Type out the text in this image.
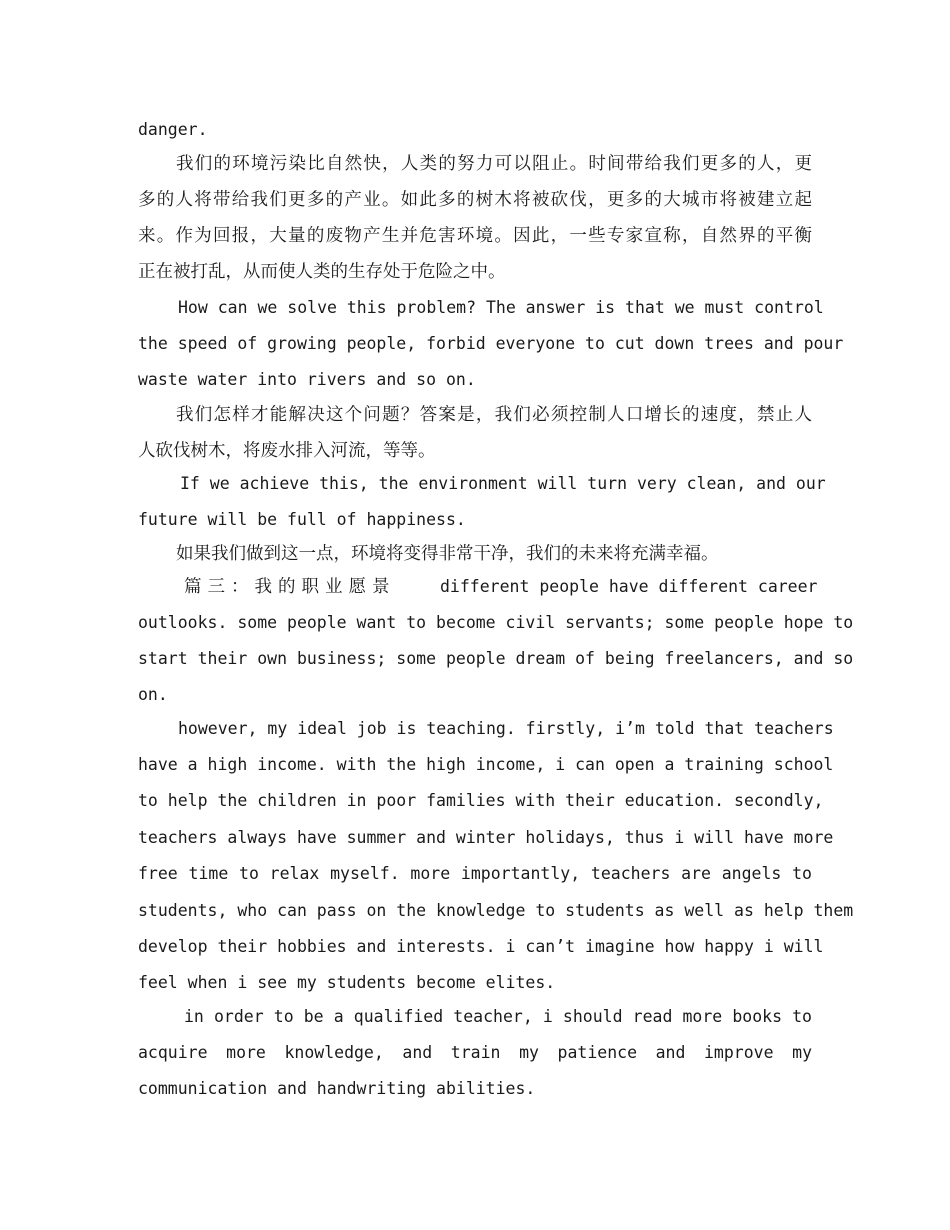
danger.
我们的环境污染比自然快，人类的努力可以阻止。时间带给我们更多的人，更
多的人将带给我们更多的产业。如此多的树木将被砍伐，更多的大城市将被建立起
来。作为回报，大量的废物产生并危害环境。因此，一些专家宣称，自然界的平衡
正在被打乱，从而使人类的生存处于危险之中。
How can we solve this problem? The answer is that we must control
the speed of growing people, forbid everyone to cut down trees and pour
waste water into rivers and so on.
我们怎样才能解决这个问题？答案是，我们必须控制人口增长的速度，禁止人
人砍伐树木，将废水排入河流，等等。
If we achieve this, the environment will turn very clean, and our
future will be full of happiness.
如果我们做到这一点，环境将变得非常干净，我们的未来将充满幸福。
篇三：我的职业愿景	different people have different career
outlooks. some people want to become civil servants; some people hope to
start their own business; some people dream of being freelancers, and so
on.
however, my ideal job is teaching. firstly, i’m told that teachers
have a high income. with the high income, i can open a training school
to help the children in poor families with their education. secondly,
teachers always have summer and winter holidays, thus i will have more
free time to relax myself. more importantly, teachers are angels to
students, who can pass on the knowledge to students as well as help them
develop their hobbies and interests. i can’t imagine how happy i will
feel when i see my students become elites.
in order to be a qualified teacher, i should read more books to
acquire more knowledge, and train my patience and improve my
communication and handwriting abilities.
